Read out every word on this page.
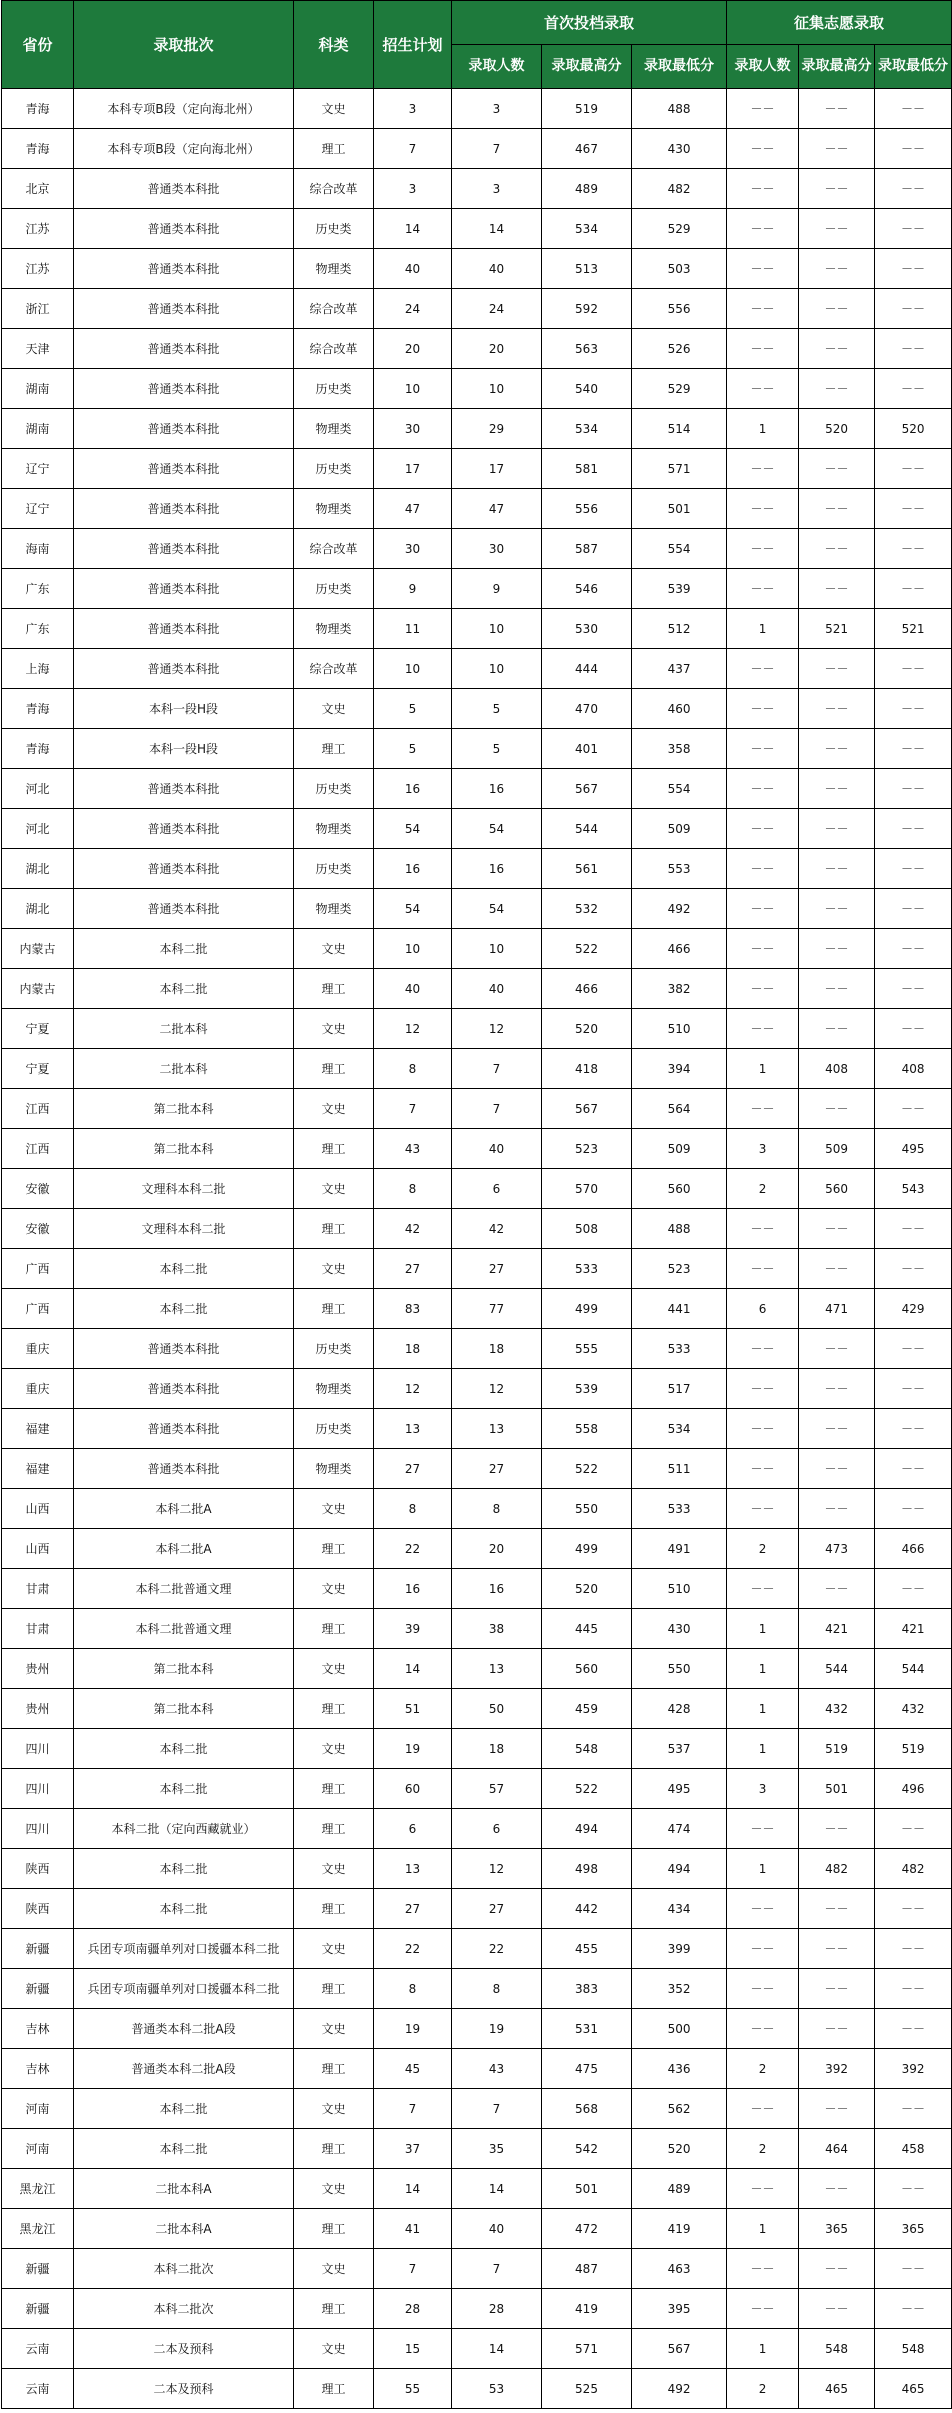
省份	录取批次	科类	招生计划	首次投档录取			征集志愿录取		
				录取人数	录取最高分	录取最低分	录取人数	录取最高分	录取最低分
青海	本科专项B段（定向海北州）	文史	3	3	519	488	－－	－－	－－
青海	本科专项B段（定向海北州）	理工	7	7	467	430	－－	－－	－－
北京	普通类本科批	综合改革	3	3	489	482	－－	－－	－－
江苏	普通类本科批	历史类	14	14	534	529	－－	－－	－－
江苏	普通类本科批	物理类	40	40	513	503	－－	－－	－－
浙江	普通类本科批	综合改革	24	24	592	556	－－	－－	－－
天津	普通类本科批	综合改革	20	20	563	526	－－	－－	－－
湖南	普通类本科批	历史类	10	10	540	529	－－	－－	－－
湖南	普通类本科批	物理类	30	29	534	514	1	520	520
辽宁	普通类本科批	历史类	17	17	581	571	－－	－－	－－
辽宁	普通类本科批	物理类	47	47	556	501	－－	－－	－－
海南	普通类本科批	综合改革	30	30	587	554	－－	－－	－－
广东	普通类本科批	历史类	9	9	546	539	－－	－－	－－
广东	普通类本科批	物理类	11	10	530	512	1	521	521
上海	普通类本科批	综合改革	10	10	444	437	－－	－－	－－
青海	本科一段H段	文史	5	5	470	460	－－	－－	－－
青海	本科一段H段	理工	5	5	401	358	－－	－－	－－
河北	普通类本科批	历史类	16	16	567	554	－－	－－	－－
河北	普通类本科批	物理类	54	54	544	509	－－	－－	－－
湖北	普通类本科批	历史类	16	16	561	553	－－	－－	－－
湖北	普通类本科批	物理类	54	54	532	492	－－	－－	－－
内蒙古	本科二批	文史	10	10	522	466	－－	－－	－－
内蒙古	本科二批	理工	40	40	466	382	－－	－－	－－
宁夏	二批本科	文史	12	12	520	510	－－	－－	－－
宁夏	二批本科	理工	8	7	418	394	1	408	408
江西	第二批本科	文史	7	7	567	564	－－	－－	－－
江西	第二批本科	理工	43	40	523	509	3	509	495
安徽	文理科本科二批	文史	8	6	570	560	2	560	543
安徽	文理科本科二批	理工	42	42	508	488	－－	－－	－－
广西	本科二批	文史	27	27	533	523	－－	－－	－－
广西	本科二批	理工	83	77	499	441	6	471	429
重庆	普通类本科批	历史类	18	18	555	533	－－	－－	－－
重庆	普通类本科批	物理类	12	12	539	517	－－	－－	－－
福建	普通类本科批	历史类	13	13	558	534	－－	－－	－－
福建	普通类本科批	物理类	27	27	522	511	－－	－－	－－
山西	本科二批A	文史	8	8	550	533	－－	－－	－－
山西	本科二批A	理工	22	20	499	491	2	473	466
甘肃	本科二批普通文理	文史	16	16	520	510	－－	－－	－－
甘肃	本科二批普通文理	理工	39	38	445	430	1	421	421
贵州	第二批本科	文史	14	13	560	550	1	544	544
贵州	第二批本科	理工	51	50	459	428	1	432	432
四川	本科二批	文史	19	18	548	537	1	519	519
四川	本科二批	理工	60	57	522	495	3	501	496
四川	本科二批（定向西藏就业）	理工	6	6	494	474	－－	－－	－－
陕西	本科二批	文史	13	12	498	494	1	482	482
陕西	本科二批	理工	27	27	442	434	－－	－－	－－
新疆	兵团专项南疆单列对口援疆本科二批	文史	22	22	455	399	－－	－－	－－
新疆	兵团专项南疆单列对口援疆本科二批	理工	8	8	383	352	－－	－－	－－
吉林	普通类本科二批A段	文史	19	19	531	500	－－	－－	－－
吉林	普通类本科二批A段	理工	45	43	475	436	2	392	392
河南	本科二批	文史	7	7	568	562	－－	－－	－－
河南	本科二批	理工	37	35	542	520	2	464	458
黑龙江	二批本科A	文史	14	14	501	489	－－	－－	－－
黑龙江	二批本科A	理工	41	40	472	419	1	365	365
新疆	本科二批次	文史	7	7	487	463	－－	－－	－－
新疆	本科二批次	理工	28	28	419	395	－－	－－	－－
云南	二本及预科	文史	15	14	571	567	1	548	548
云南	二本及预科	理工	55	53	525	492	2	465	465
